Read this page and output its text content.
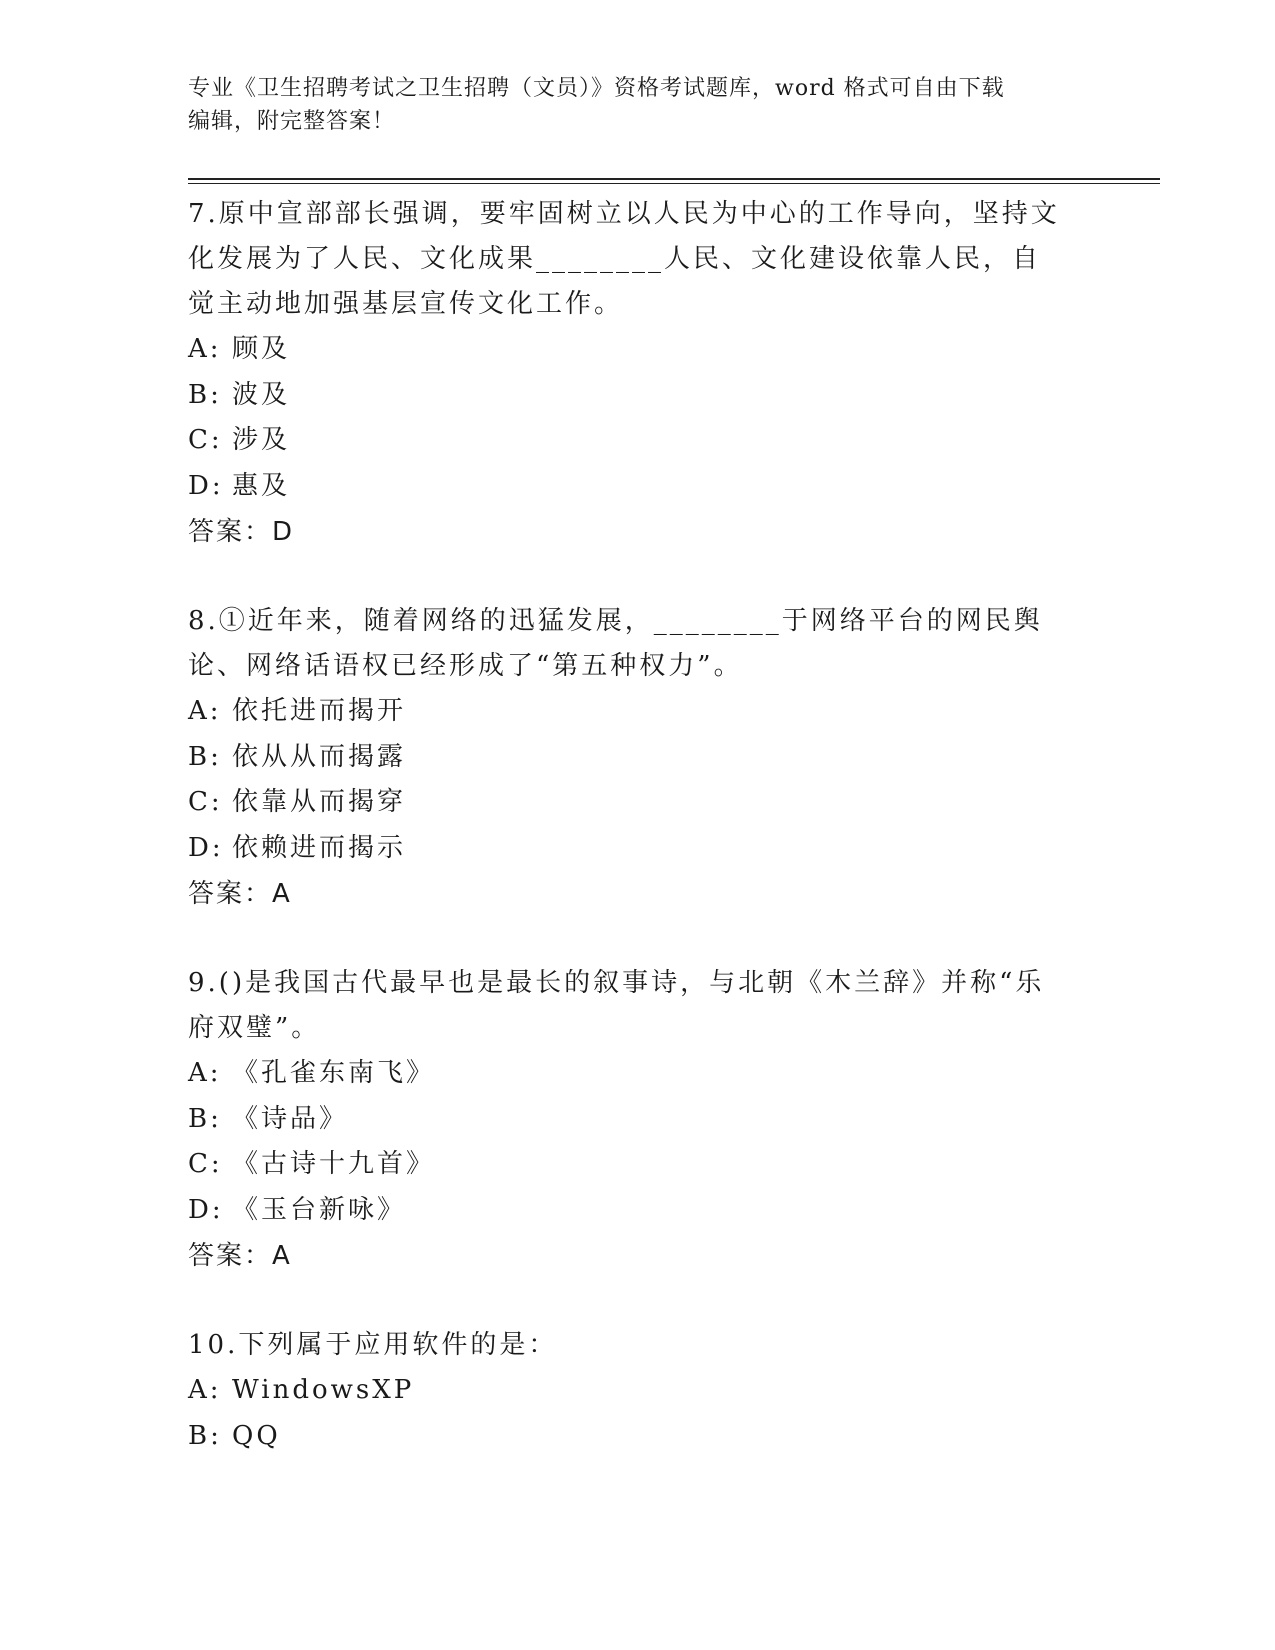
专业《卫生招聘考试之卫生招聘（文员）》资格考试题库，word 格式可自由下载
编辑，附完整答案！

7.原中宣部部长强调，要牢固树立以人民为中心的工作导向，坚持文化发展为了人民、文化成果________人民、文化建设依靠人民，自觉主动地加强基层宣传文化工作。

A: 顾及

B: 波及

C: 涉及

D: 惠及

答案：D

8.①近年来，随着网络的迅猛发展，________于网络平台的网民舆论、网络话语权已经形成了“第五种权力”。

A: 依托进而揭开

B: 依从从而揭露

C: 依靠从而揭穿

D: 依赖进而揭示

答案：A

9.()是我国古代最早也是最长的叙事诗，与北朝《木兰辞》并称“乐府双璧”。

A: 《孔雀东南飞》

B: 《诗品》

C: 《古诗十九首》

D: 《玉台新咏》

答案：A

10.下列属于应用软件的是：

A: WindowsXP

B: QQ
